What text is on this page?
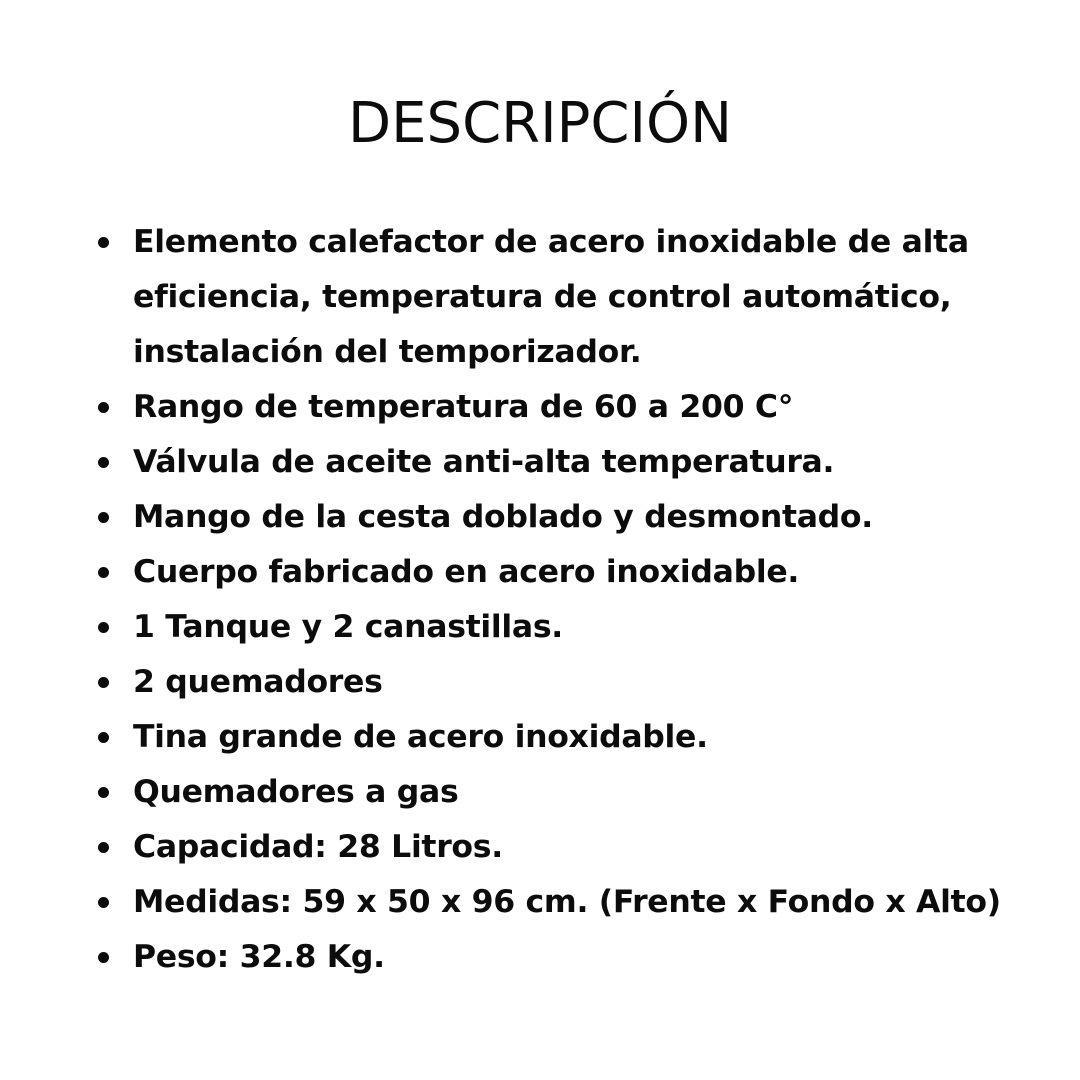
DESCRIPCIÓN
Elemento calefactor de acero inoxidable de alta
eficiencia, temperatura de control automático,
instalación del temporizador.
Rango de temperatura de 60 a 200 C°
Válvula de aceite anti-alta temperatura.
Mango de la cesta doblado y desmontado.
Cuerpo fabricado en acero inoxidable.
1 Tanque y 2 canastillas.
2 quemadores
Tina grande de acero inoxidable.
Quemadores a gas
Capacidad: 28 Litros.
Medidas: 59 x 50 x 96 cm. (Frente x Fondo x Alto)
Peso: 32.8 Kg.
